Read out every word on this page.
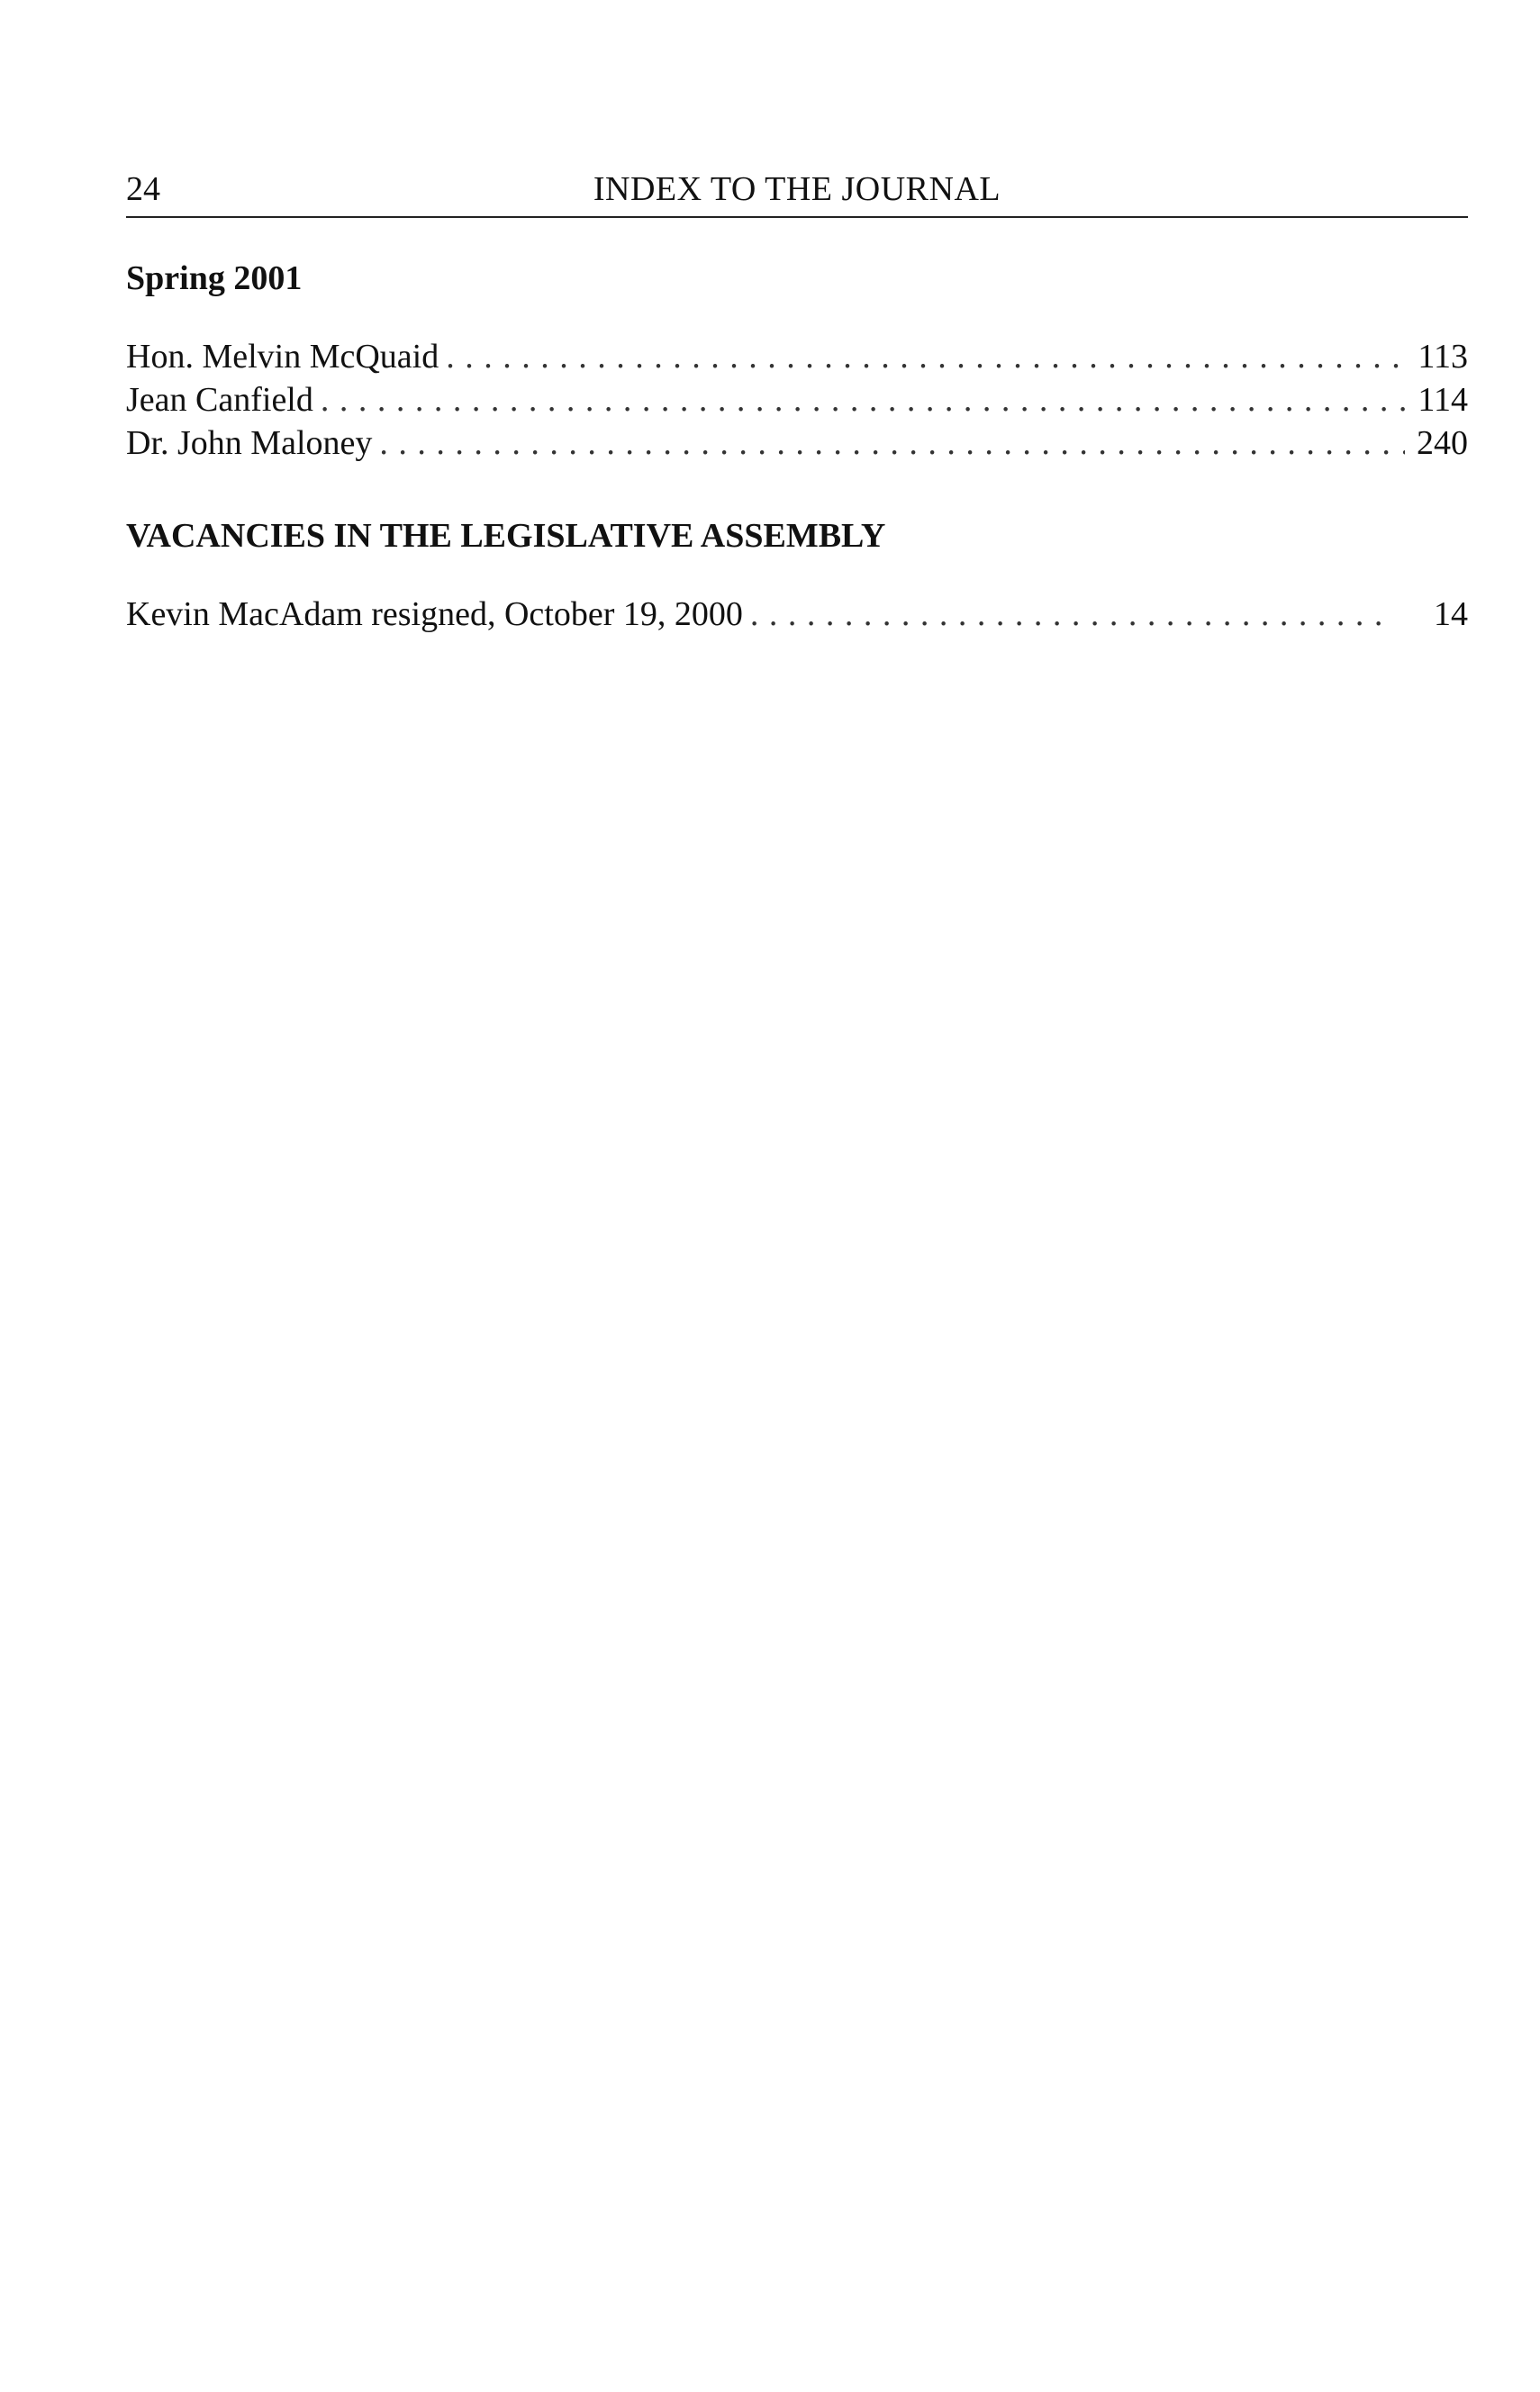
24	INDEX TO THE JOURNAL
Spring 2001
Hon. Melvin McQuaid . . .	113
Jean Canfield . . .	114
Dr. John Maloney . . .	240
VACANCIES IN THE LEGISLATIVE ASSEMBLY
Kevin MacAdam resigned, October 19, 2000 . . .	14
